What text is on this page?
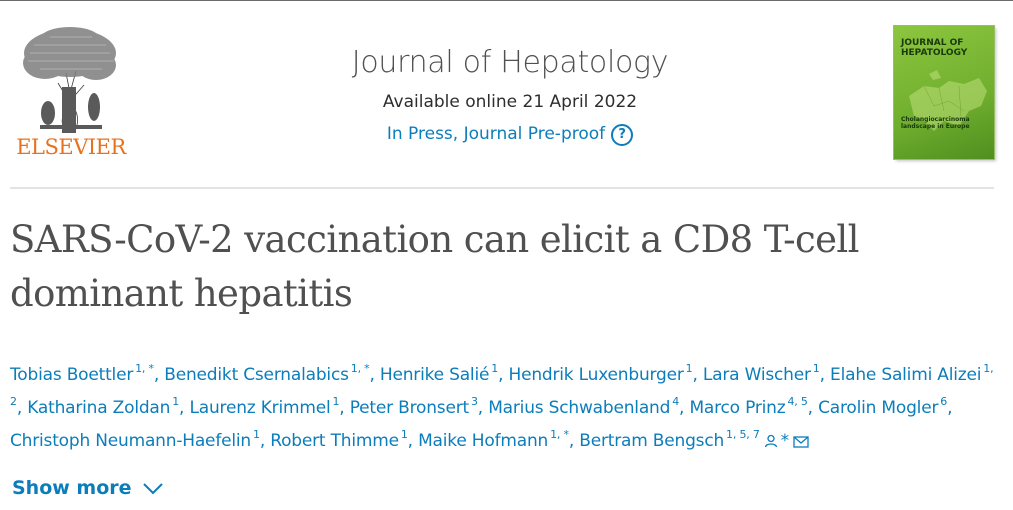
ELSEVIER
Journal of Hepatology
Available online 21 April 2022
In Press, Journal Pre-proof ?
JOURNAL OF HEPATOLOGY
Cholangiocarcinoma landscape in Europe
SARS-CoV-2 vaccination can elicit a CD8 T-cell dominant hepatitis
Tobias Boettler $^{1, *}$, Benedikt Csernalabics $^{1, *}$, Henrike Salié $^1$, Hendrik Luxenburger $^1$, Lara Wischer $^1$, Elahe Salimi Alizei $^{1, 2}$, Katharina Zoldan $^1$, Laurenz Krimmel $^1$, Peter Bronsert $^3$, Marius Schwabenland $^4$, Marco Prinz $^{4, 5}$, Carolin Mogler $^6$, Christoph Neumann-Haefelin $^1$, Robert Thimme $^1$, Maike Hofmann $^{1, *}$, Bertram Bengsch $^{1, 5, 7}$ *
Show more
